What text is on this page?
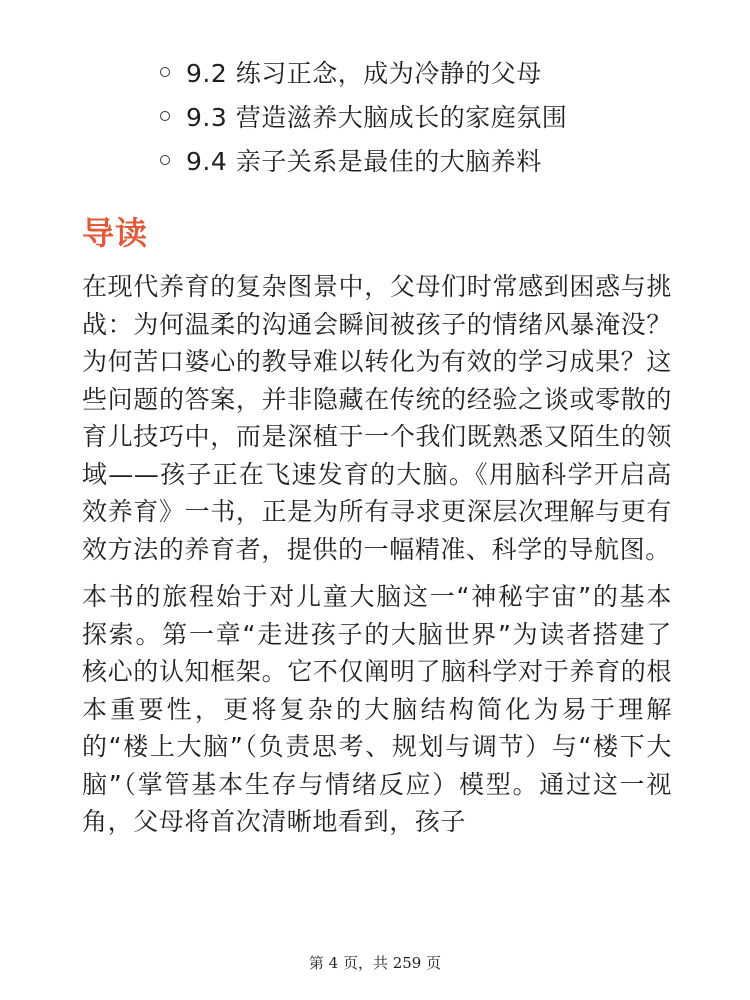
9.2 练习正念，成为冷静的父母
9.3 营造滋养大脑成长的家庭氛围
9.4 亲子关系是最佳的大脑养料
导读

在现代养育的复杂图景中，父母们时常感到困惑与挑战：为何温柔的沟通会瞬间被孩子的情绪风暴淹没？为何苦口婆心的教导难以转化为有效的学习成果？这些问题的答案，并非隐藏在传统的经验之谈或零散的育儿技巧中，而是深植于一个我们既熟悉又陌生的领域——孩子正在飞速发育的大脑。《用脑科学开启高效养育》一书，正是为所有寻求更深层次理解与更有效方法的养育者，提供的一幅精准、科学的导航图。

本书的旅程始于对儿童大脑这一“神秘宇宙”的基本探索。第一章“走进孩子的大脑世界”为读者搭建了核心的认知框架。它不仅阐明了脑科学对于养育的根本重要性，更将复杂的大脑结构简化为易于理解的“楼上大脑”（负责思考、规划与调节）与“楼下大脑”（掌管基本生存与情绪反应）模型。通过这一视角，父母将首次清晰地看到，孩子

第 4 页，共 259 页
